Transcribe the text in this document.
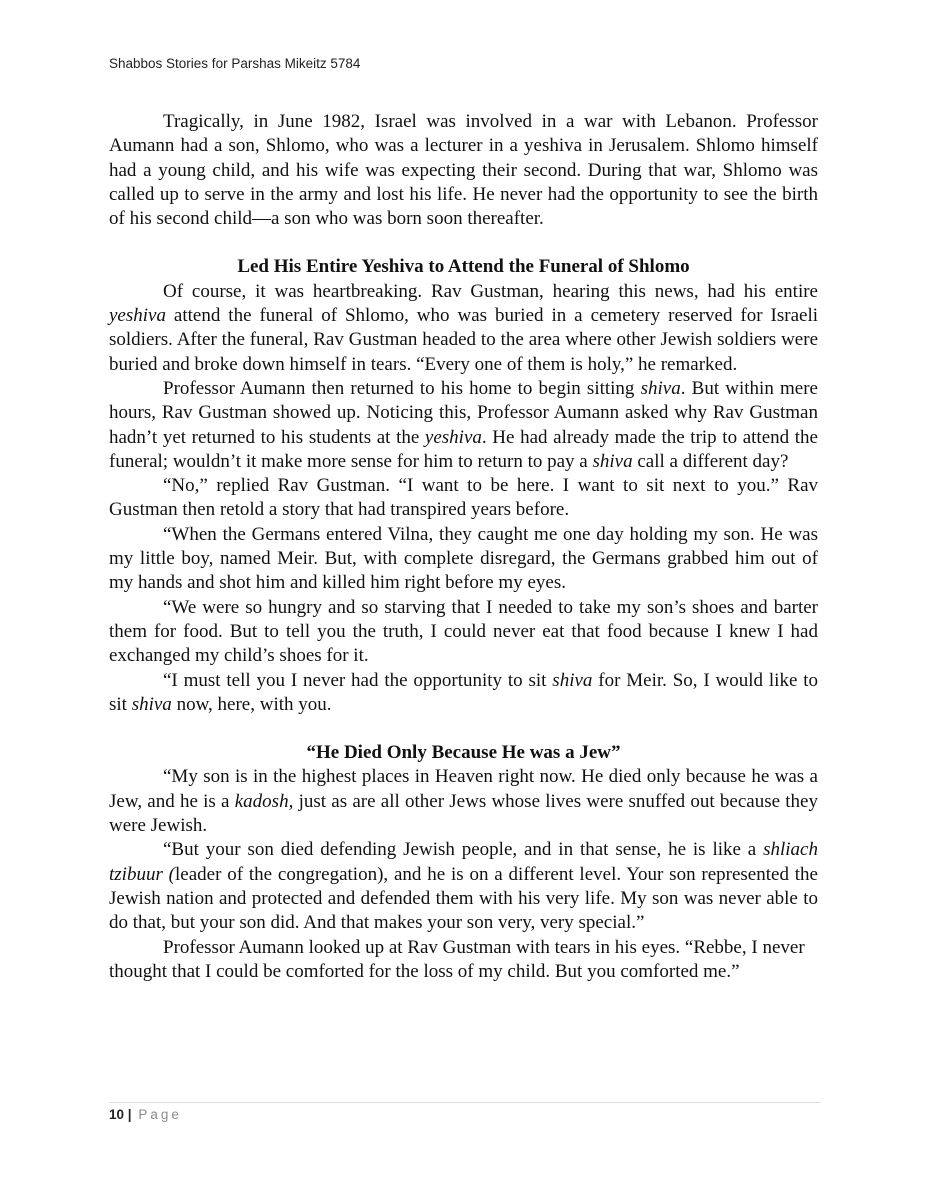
Shabbos Stories for Parshas Mikeitz 5784

Tragically, in June 1982, Israel was involved in a war with Lebanon. Professor Aumann had a son, Shlomo, who was a lecturer in a yeshiva in Jerusalem. Shlomo himself had a young child, and his wife was expecting their second. During that war, Shlomo was called up to serve in the army and lost his life. He never had the opportunity to see the birth of his second child—a son who was born soon thereafter.

Led His Entire Yeshiva to Attend the Funeral of Shlomo

Of course, it was heartbreaking. Rav Gustman, hearing this news, had his entire yeshiva attend the funeral of Shlomo, who was buried in a cemetery reserved for Israeli soldiers. After the funeral, Rav Gustman headed to the area where other Jewish soldiers were buried and broke down himself in tears. “Every one of them is holy,” he remarked.

Professor Aumann then returned to his home to begin sitting shiva. But within mere hours, Rav Gustman showed up. Noticing this, Professor Aumann asked why Rav Gustman hadn’t yet returned to his students at the yeshiva. He had already made the trip to attend the funeral; wouldn’t it make more sense for him to return to pay a shiva call a different day?

“No,” replied Rav Gustman. “I want to be here. I want to sit next to you.” Rav Gustman then retold a story that had transpired years before.

“When the Germans entered Vilna, they caught me one day holding my son. He was my little boy, named Meir. But, with complete disregard, the Germans grabbed him out of my hands and shot him and killed him right before my eyes.

“We were so hungry and so starving that I needed to take my son’s shoes and barter them for food. But to tell you the truth, I could never eat that food because I knew I had exchanged my child’s shoes for it.

“I must tell you I never had the opportunity to sit shiva for Meir. So, I would like to sit shiva now, here, with you.

“He Died Only Because He was a Jew”

“My son is in the highest places in Heaven right now. He died only because he was a Jew, and he is a kadosh, just as are all other Jews whose lives were snuffed out because they were Jewish.

“But your son died defending Jewish people, and in that sense, he is like a shliach tzibuur (leader of the congregation), and he is on a different level. Your son represented the Jewish nation and protected and defended them with his very life. My son was never able to do that, but your son did. And that makes your son very, very special.”

Professor Aumann looked up at Rav Gustman with tears in his eyes. “Rebbe, I never thought that I could be comforted for the loss of my child. But you comforted me.”

10 | Page
